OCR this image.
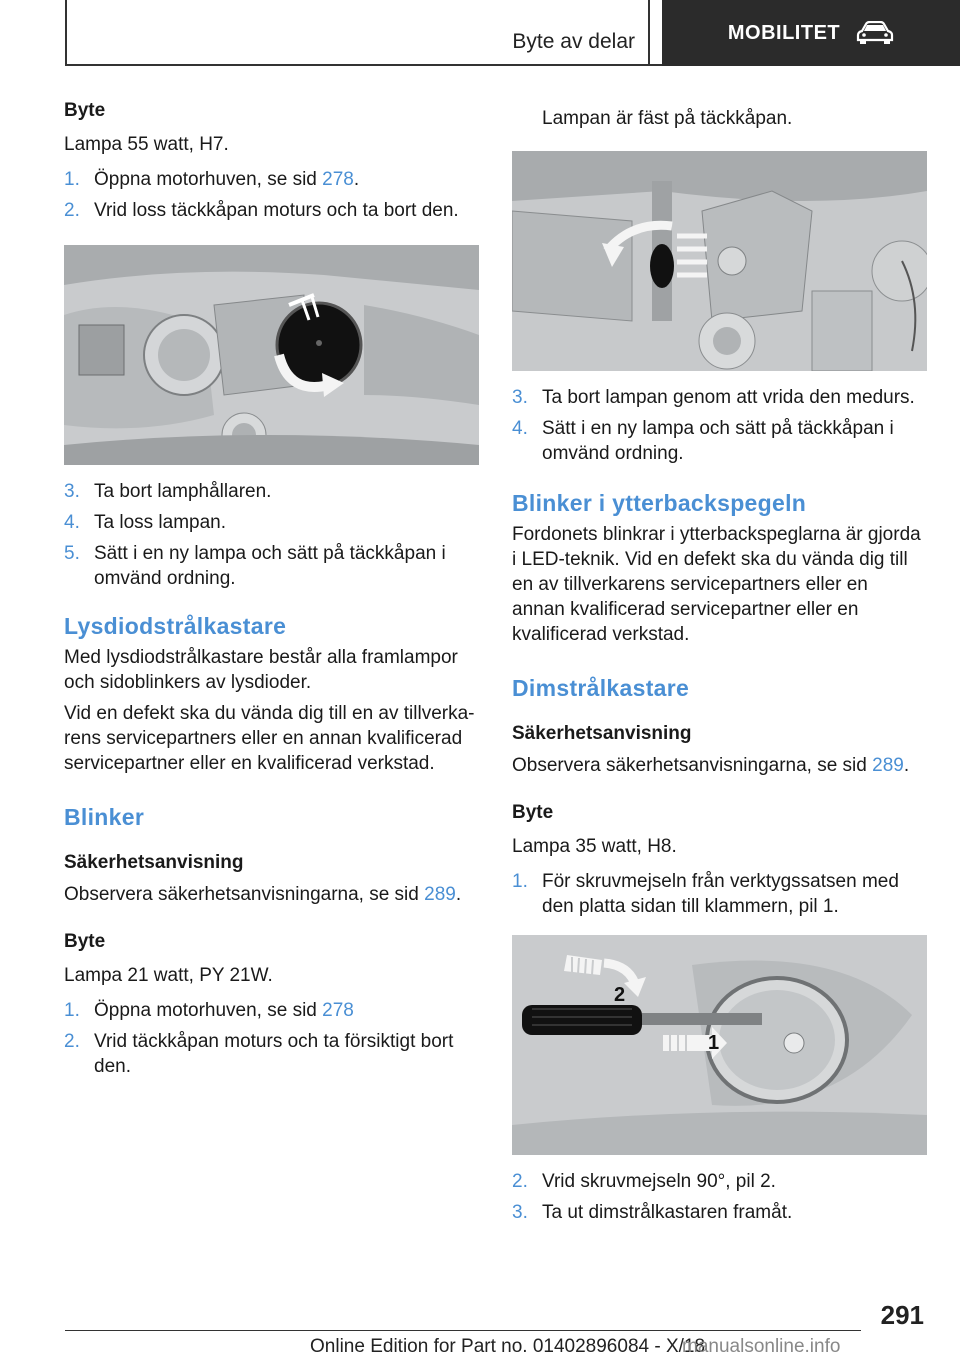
Byte av delar	MOBILITET

Byte

Lampa 55 watt, H7.

1. Öppna motorhuven, se sid 278.
2. Vrid loss täckkåpan moturs och ta bort den.
3. Ta bort lamphållaren.
4. Ta loss lampan.
5. Sätt i en ny lampa och sätt på täckkåpan i omvänd ordning.
Lysdiodstrålkastare

Med lysdiodstrålkastare består alla framlampor och sidoblinkers av lysdioder.

Vid en defekt ska du vända dig till en av tillverkarens servicepartners eller en annan kvalificerad servicepartner eller en kvalificerad verkstad.

Blinker

Säkerhetsanvisning

Observera säkerhetsanvisningarna, se sid 289.

Byte

Lampa 21 watt, PY 21W.

1. Öppna motorhuven, se sid 278
2. Vrid täckkåpan moturs och ta försiktigt bort den.

Lampan är fäst på täckkåpan.

3. Ta bort lampan genom att vrida den medurs.
4. Sätt i en ny lampa och sätt på täckkåpan i omvänd ordning.
Blinker i ytterbackspegeln

Fordonets blinkrar i ytterbackspeglarna är gjorda i LED-teknik. Vid en defekt ska du vända dig till en av tillverkarens servicepartners eller en annan kvalificerad servicepartner eller en kvalificerad verkstad.

Dimstrålkastare

Säkerhetsanvisning

Observera säkerhetsanvisningarna, se sid 289.

Byte

Lampa 35 watt, H8.

1. För skruvmejseln från verktygssatsen med den platta sidan till klammern, pil 1.
2
1
2. Vrid skruvmejseln 90°, pil 2.
3. Ta ut dimstrålkastaren framåt.
291
Online Edition for Part no. 01402896084 - X/18
manualsonline.info
